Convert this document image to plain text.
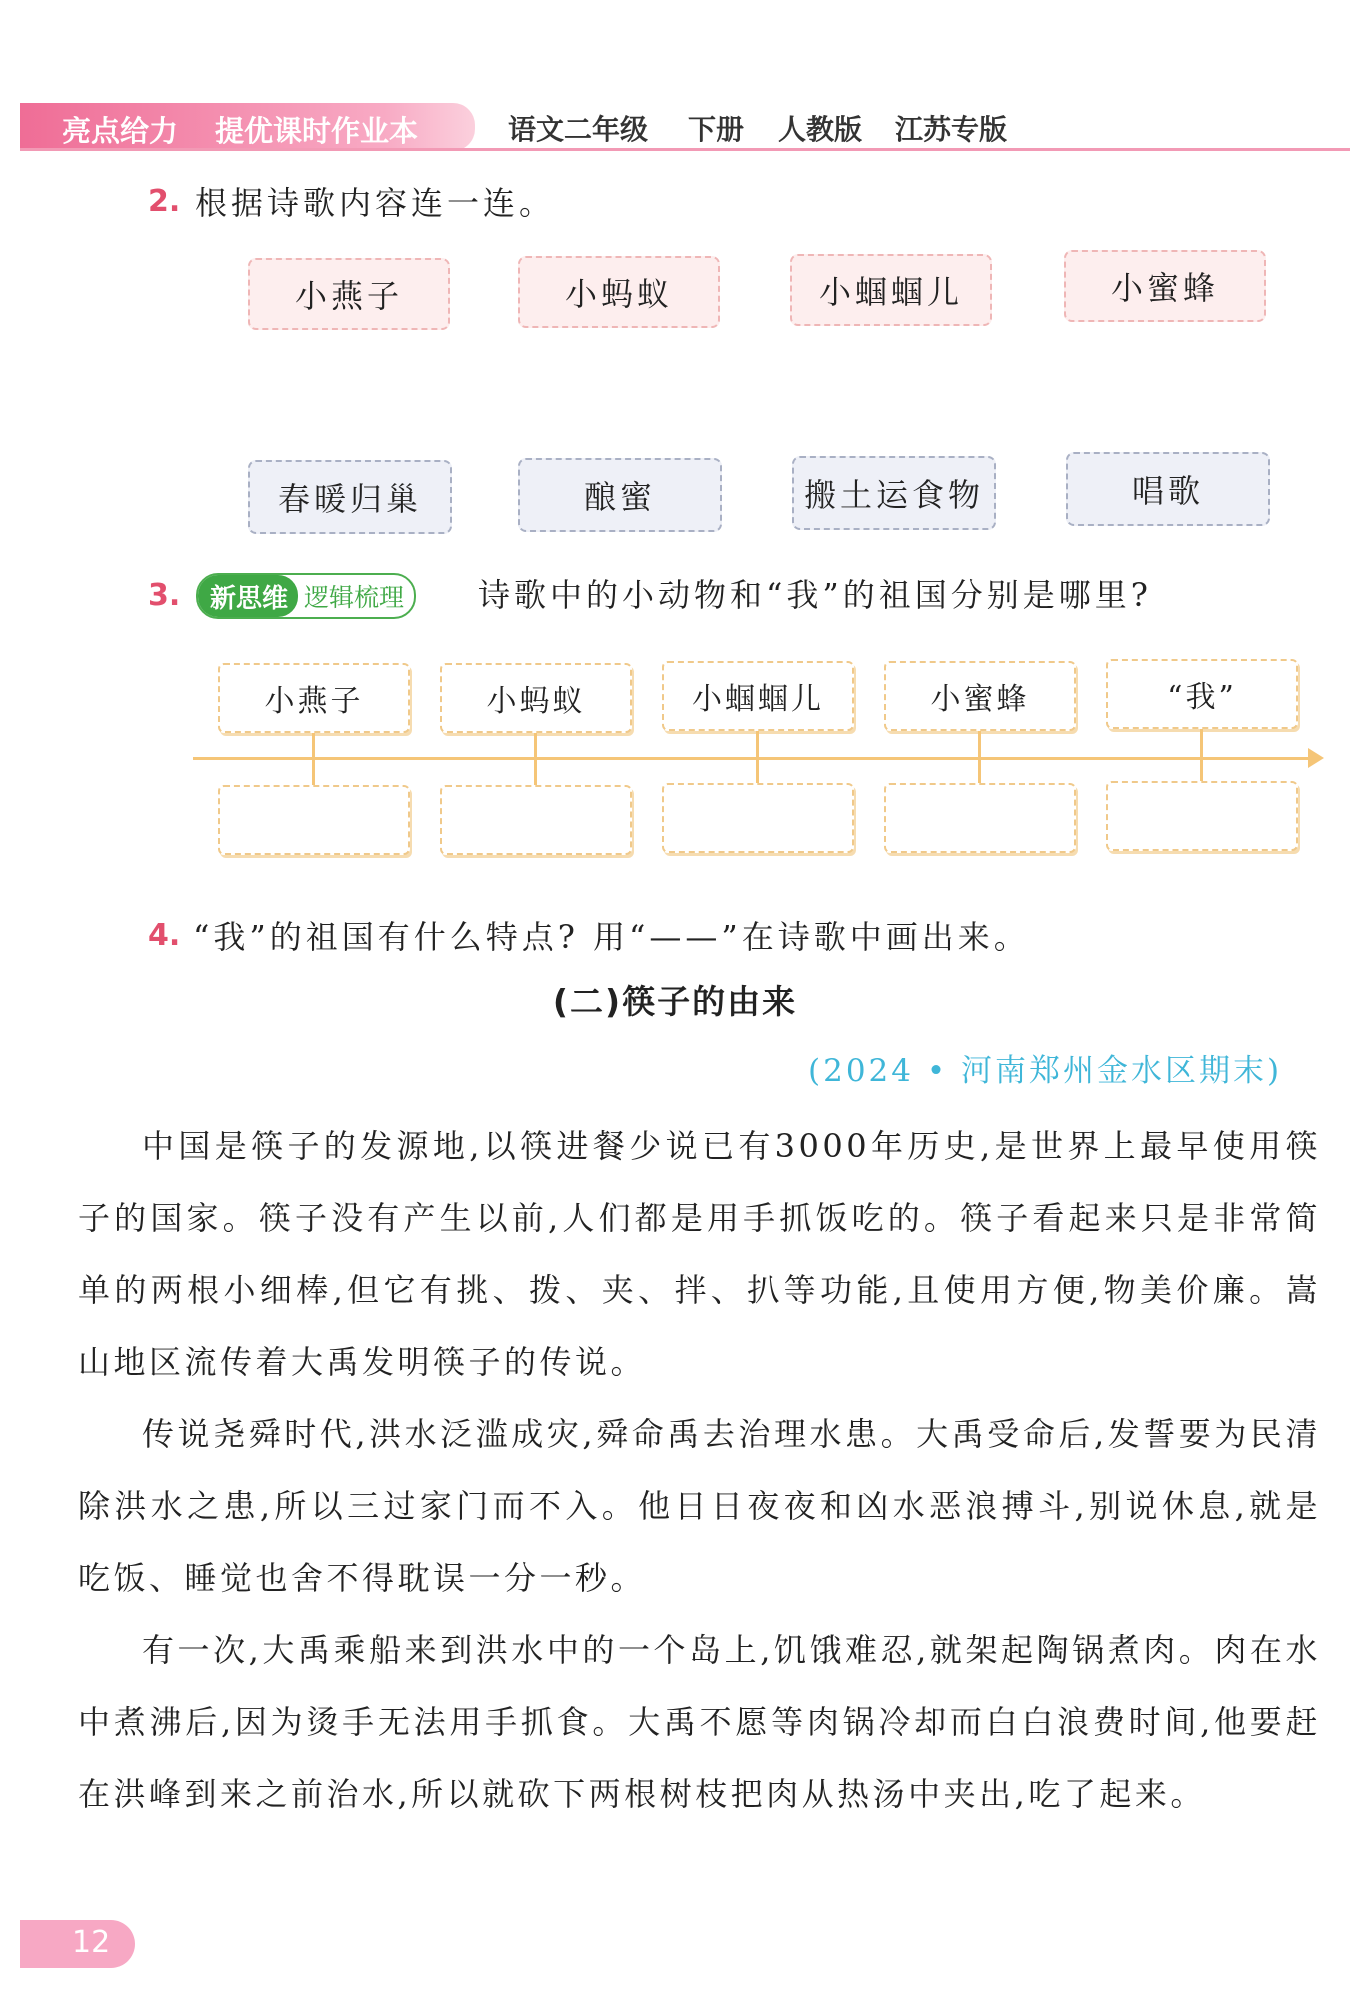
亮点给力 提优课时作业本	语文二年级 下册 人教版 江苏专版
2. 根据诗歌内容连一连。
小燕子	小蚂蚁	小蝈蝈儿	小蜜蜂
春暖归巢	酿蜜	搬土运食物	唱歌
3.	新思维 逻辑梳理	诗歌中的小动物和“我”的祖国分别是哪里?
小燕子	小蚂蚁	小蝈蝈儿	小蜜蜂	“我”
4. “我”的祖国有什么特点? 用“——”在诗歌中画出来。
(二)筷子的由来
(2024 • 河南郑州金水区期末)

中国是筷子的发源地,以筷进餐少说已有3000年历史,是世界上最早使用筷子的国家。筷子没有产生以前,人们都是用手抓饭吃的。筷子看起来只是非常简单的两根小细棒,但它有挑、拨、夹、拌、扒等功能,且使用方便,物美价廉。嵩山地区流传着大禹发明筷子的传说。

传说尧舜时代,洪水泛滥成灾,舜命禹去治理水患。大禹受命后,发誓要为民清除洪水之患,所以三过家门而不入。他日日夜夜和凶水恶浪搏斗,别说休息,就是吃饭、睡觉也舍不得耽误一分一秒。

有一次,大禹乘船来到洪水中的一个岛上,饥饿难忍,就架起陶锅煮肉。肉在水中煮沸后,因为烫手无法用手抓食。大禹不愿等肉锅冷却而白白浪费时间,他要赶在洪峰到来之前治水,所以就砍下两根树枝把肉从热汤中夹出,吃了起来。

12
